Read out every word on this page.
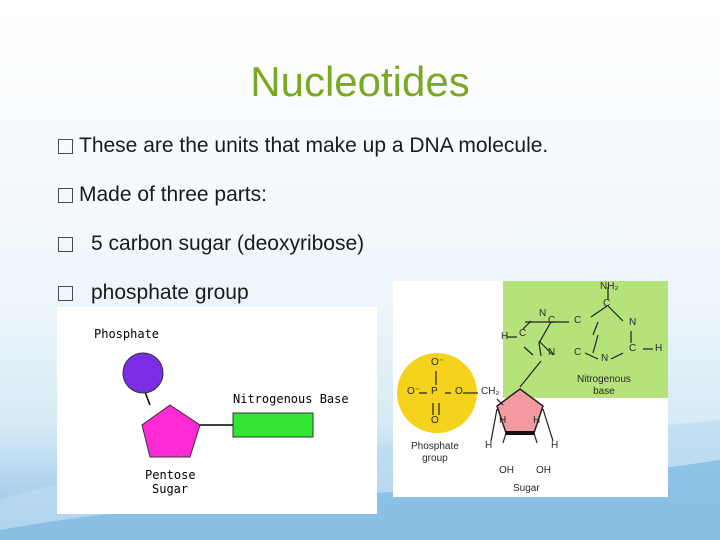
Nucleotides
These are the units that make up a DNA molecule.
Made of three parts:
5 carbon sugar (deoxyribose)
phosphate group
Phosphate
Nitrogenous Base
Pentose
Sugar
NH₂
C
C C	N
C
H
N
N C
N
C H
Nitrogenous
base
O⁻
O⁻ P O
O
CH₂
H	H
H	H
OH OH
Phosphate
group
Sugar
